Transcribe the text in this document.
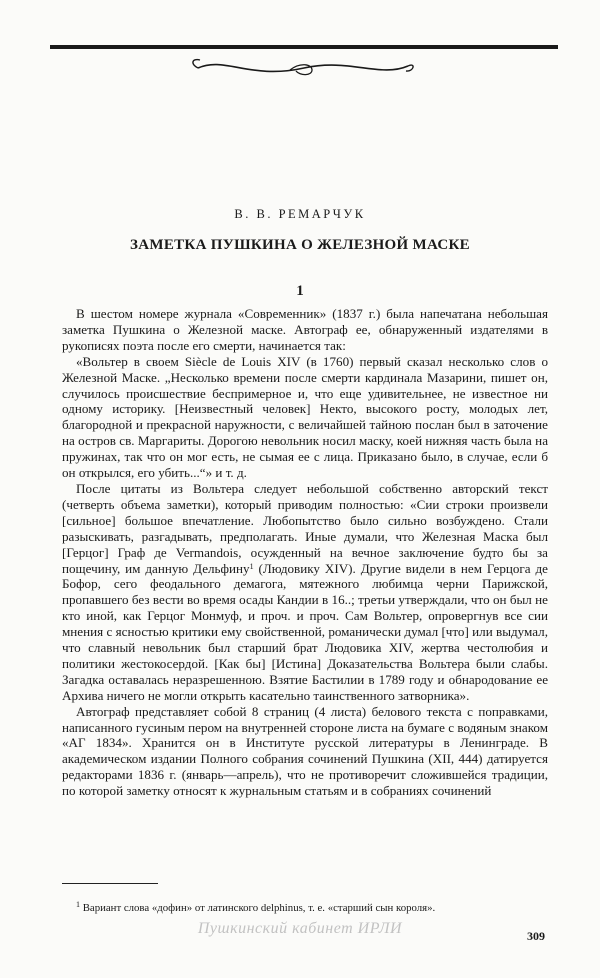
В. В. РЕМАРЧУК
ЗАМЕТКА ПУШКИНА О ЖЕЛЕЗНОЙ МАСКЕ
1

В шестом номере журнала «Современник» (1837 г.) была напечатана небольшая заметка Пушкина о Железной маске. Автограф ее, обнаруженный издателями в рукописях поэта после его смерти, начинается так:

«Вольтер в своем Siècle de Louis XIV (в 1760) первый сказал несколько слов о Железной Маске. „Несколько времени после смерти кардинала Мазарини, пишет он, случилось происшествие беспримерное и, что еще удивительнее, не известное ни одному историку. [Неизвестный человек] Некто, высокого росту, молодых лет, благородной и прекрасной наружности, с величайшей тайною послан был в заточение на остров св. Маргариты. Дорогою невольник носил маску, коей нижняя часть была на пружинах, так что он мог есть, не сымая ее с лица. Приказано было, в случае, если б он открылся, его убить...“» и т. д.

После цитаты из Вольтера следует небольшой собственно авторский текст (четверть объема заметки), который приводим полностью: «Сии строки произвели [сильное] большое впечатление. Любопытство было сильно возбуждено. Стали разыскивать, разгадывать, предполагать. Иные думали, что Железная Маска был [Герцог] Граф де Vermandois, осужденный на вечное заключение будто бы за пощечину, им данную Дельфину$^1$ (Людовику XIV). Другие видели в нем Герцога де Бофор, сего феодального демагога, мятежного любимца черни Парижской, пропавшего без вести во время осады Кандии в 16..; третьи утверждали, что он был не кто иной, как Герцог Монмуф, и проч. и проч. Сам Вольтер, опровергнув все сии мнения с ясностью критики ему свойственной, романически думал [что] или выдумал, что славный невольник был старший брат Людовика XIV, жертва честолюбия и политики жестокосердой. [Как бы] [Истина] Доказательства Вольтера были слабы. Загадка оставалась неразрешенною. Взятие Бастилии в 1789 году и обнародование ее Архива ничего не могли открыть касательно таинственного затворника».

Автограф представляет собой 8 страниц (4 листа) белового текста с поправками, написанного гусиным пером на внутренней стороне листа на бумаге с водяным знаком «АГ 1834». Хранится он в Институте русской литературы в Ленинграде. В академическом издании Полного собрания сочинений Пушкина (XII, 444) датируется редакторами 1836 г. (январь—апрель), что не противоречит сложившейся традиции, по которой заметку относят к журнальным статьям и в собраниях сочинений

$^1$ Вариант слова «дофин» от латинского delphinus, т. е. «старший сын короля».
Пушкинский кабинет ИРЛИ	309
